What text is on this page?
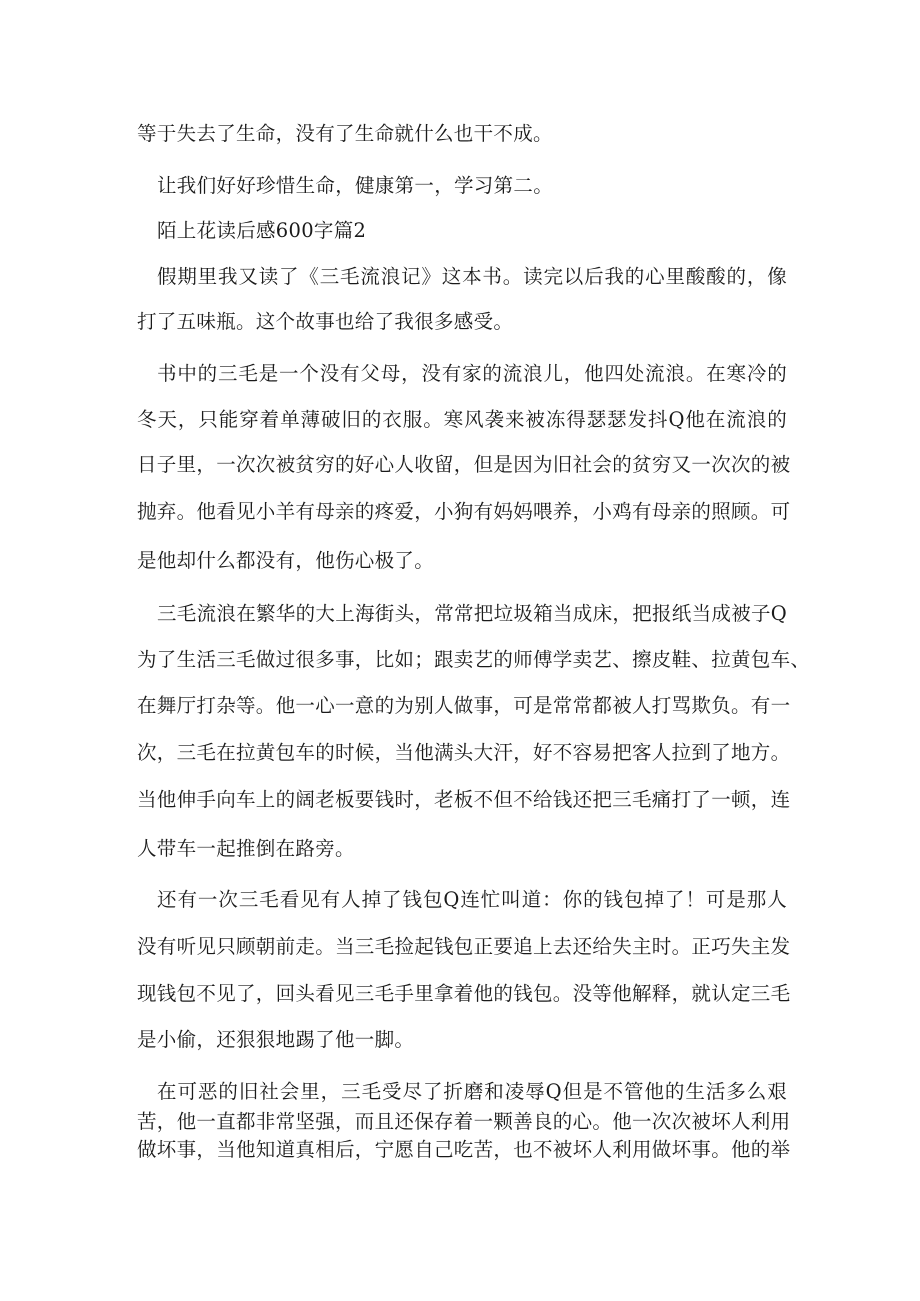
等于失去了生命，没有了生命就什么也干不成。
让我们好好珍惜生命，健康第一，学习第二。
陌上花读后感600字篇2
假期里我又读了《三毛流浪记》这本书。读完以后我的心里酸酸的，像
打了五味瓶。这个故事也给了我很多感受。
书中的三毛是一个没有父母，没有家的流浪儿，他四处流浪。在寒冷的
冬天，只能穿着单薄破旧的衣服。寒风袭来被冻得瑟瑟发抖Q他在流浪的
日子里，一次次被贫穷的好心人收留，但是因为旧社会的贫穷又一次次的被
抛弃。他看见小羊有母亲的疼爱，小狗有妈妈喂养，小鸡有母亲的照顾。可
是他却什么都没有，他伤心极了。
三毛流浪在繁华的大上海街头，常常把垃圾箱当成床，把报纸当成被子Q
为了生活三毛做过很多事，比如；跟卖艺的师傅学卖艺、擦皮鞋、拉黄包车、
在舞厅打杂等。他一心一意的为别人做事，可是常常都被人打骂欺负。有一
次，三毛在拉黄包车的时候，当他满头大汗，好不容易把客人拉到了地方。
当他伸手向车上的阔老板要钱时，老板不但不给钱还把三毛痛打了一顿，连
人带车一起推倒在路旁。
还有一次三毛看见有人掉了钱包Q连忙叫道：你的钱包掉了！可是那人
没有听见只顾朝前走。当三毛捡起钱包正要追上去还给失主时。正巧失主发
现钱包不见了，回头看见三毛手里拿着他的钱包。没等他解释，就认定三毛
是小偷，还狠狠地踢了他一脚。
在可恶的旧社会里，三毛受尽了折磨和凌辱Q但是不管他的生活多么艰
苦，他一直都非常坚强，而且还保存着一颗善良的心。他一次次被坏人利用
做坏事，当他知道真相后，宁愿自己吃苦，也不被坏人利用做坏事。他的举
